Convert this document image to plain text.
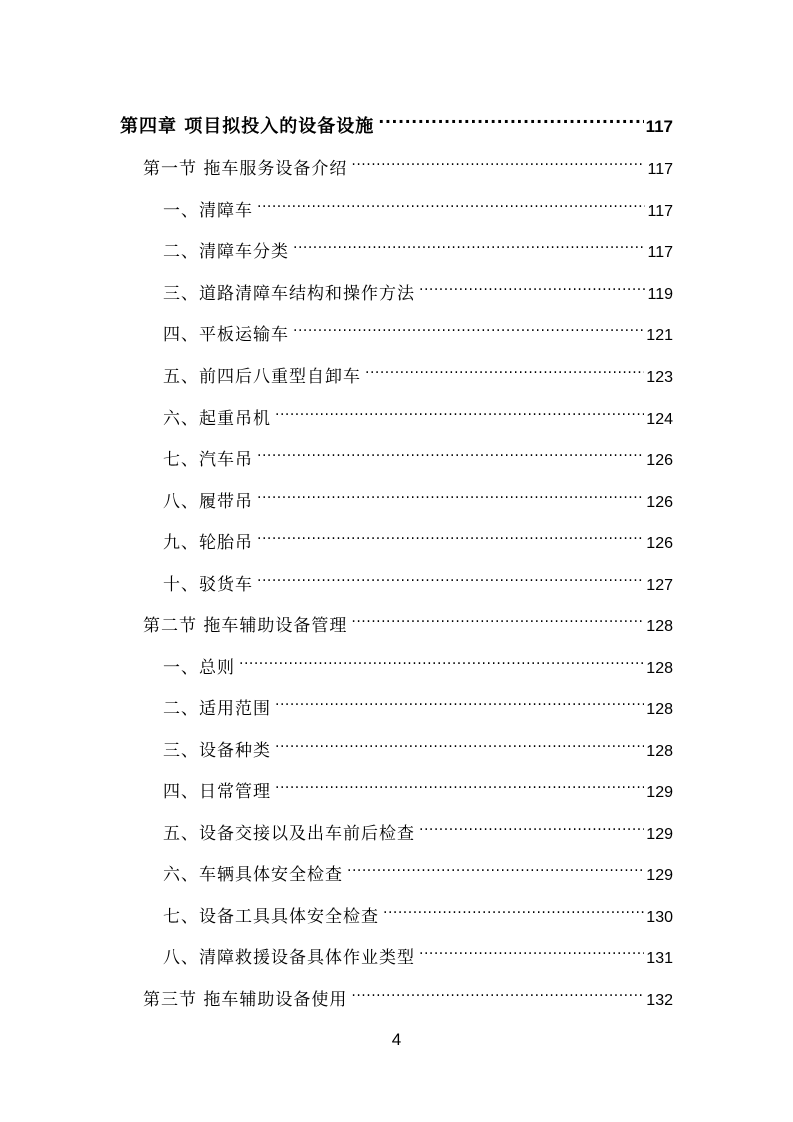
第四章 项目拟投入的设备设施 .....	117
第一节 拖车服务设备介绍 .....	117
一、清障车 .....	117
二、清障车分类 .....	117
三、道路清障车结构和操作方法 .....	119
四、平板运输车 .....	121
五、前四后八重型自卸车 .....	123
六、起重吊机 .....	124
七、汽车吊 .....	126
八、履带吊 .....	126
九、轮胎吊 .....	126
十、驳货车 .....	127
第二节 拖车辅助设备管理 .....	128
一、总则 .....	128
二、适用范围 .....	128
三、设备种类 .....	128
四、日常管理 .....	129
五、设备交接以及出车前后检查 .....	129
六、车辆具体安全检查 .....	129
七、设备工具具体安全检查 .....	130
八、清障救援设备具体作业类型 .....	131
第三节 拖车辅助设备使用 .....	132
4
